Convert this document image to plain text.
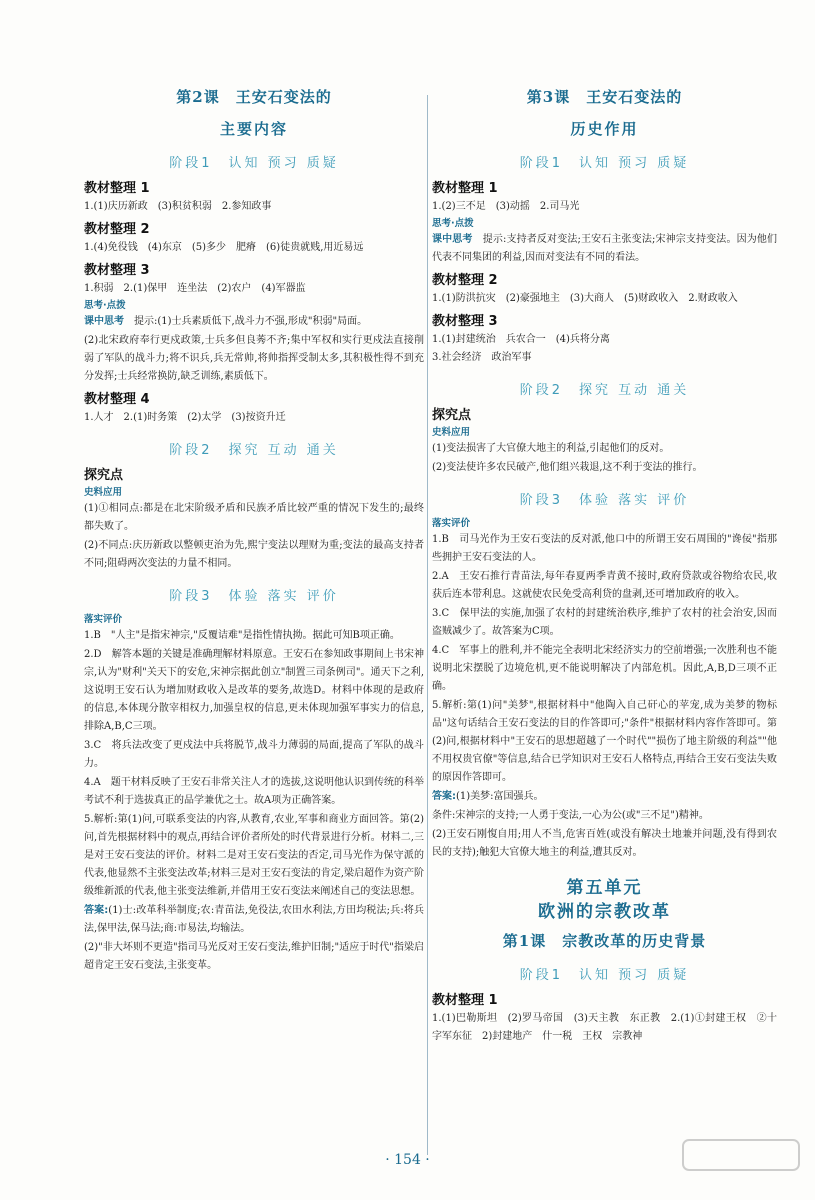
第2课　王安石变法的
主要内容
阶段1　认知 预习 质疑
教材整理 1
1.(1)庆历新政　(3)积贫积弱　2.参知政事
教材整理 2
1.(4)免役钱　(4)东京　(5)多少　肥瘠　(6)徒贵就贱,用近易远
教材整理 3
1.积弱　2.(1)保甲　连坐法　(2)农户　(4)军器监
思考·点拨
课中思考　 提示:(1)士兵素质低下,战斗力不强,形成"积弱"局面。
(2)北宋政府奉行更戍政策,士兵多但良莠不齐;集中军权和实行更戍法直接削弱了军队的战斗力;将不识兵,兵无常帅,将帅指挥受制太多,其积极性得不到充分发挥;士兵经常换防,缺乏训练,素质低下。
教材整理 4
1.人才　2.(1)时务策　(2)太学　(3)按资升迁
阶段2　探究 互动 通关
探究点
史料应用
(1)①相同点:都是在北宋阶级矛盾和民族矛盾比较严重的情况下发生的;最终都失败了。
(2)不同点:庆历新政以整顿吏治为先,熙宁变法以理财为重;变法的最高支持者不同;阻碍两次变法的力量不相同。
阶段3　体验 落实 评价
落实评价
1.B　"人主"是指宋神宗,"反覆诘难"是指性情执拗。据此可知B项正确。
2.D　解答本题的关键是准确理解材料原意。王安石在参知政事期间上书宋神宗,认为"财利"关天下的安危,宋神宗据此创立"制置三司条例司"。通天下之利,这说明王安石认为增加财政收入是改革的要务,故选D。材料中体现的是政府的信息,本体现分散宰相权力,加强皇权的信息,更未体现加强军事实力的信息,排除A,B,C三项。
3.C　将兵法改变了更戍法中兵将脱节,战斗力薄弱的局面,提高了军队的战斗力。
4.A　题干材料反映了王安石非常关注人才的选拔,这说明他认识到传统的科举考试不利于选拔真正的品学兼优之士。故A项为正确答案。
5.解析:第(1)问,可联系变法的内容,从教育,农业,军事和商业方面回答。第(2)问,首先根据材料中的观点,再结合评价者所处的时代背景进行分析。材料二,三是对王安石变法的评价。材料二是对王安石变法的否定,司马光作为保守派的代表,他显然不主张变法改革;材料三是对王安石变法的肯定,梁启超作为资产阶级维新派的代表,他主张变法维新,并借用王安石变法来阐述自己的变法思想。
答案:(1)士:改革科举制度;农:青苗法,免役法,农田水利法,方田均税法;兵:将兵法,保甲法,保马法;商:市易法,均输法。
(2)"非大坏则不更造"指司马光反对王安石变法,维护旧制;"适应于时代"指梁启超肯定王安石变法,主张变革。
第3课　王安石变法的
历史作用
阶段1　认知 预习 质疑
教材整理 1
1.(2)三不足　(3)动摇　2.司马光
思考·点拨
课中思考　 提示:支持者反对变法;王安石主张变法;宋神宗支持变法。因为他们代表不同集团的利益,因而对变法有不同的看法。
教材整理 2
1.(1)防洪抗灾　(2)豪强地主　(3)大商人　(5)财政收入　2.财政收入
教材整理 3
1.(1)封建统治　兵农合一　(4)兵将分离
3.社会经济　政治军事
阶段2　探究 互动 通关
探究点
史料应用
(1)变法损害了大官僚大地主的利益,引起他们的反对。
(2)变法使许多农民破产,他们组兴栽退,这不利于变法的推行。
阶段3　体验 落实 评价
落实评价
1.B　司马光作为王安石变法的反对派,他口中的所谓王安石周围的"谗佞"指那些拥护王安石变法的人。
2.A　王安石推行青苗法,每年春夏两季青黄不接时,政府贷款或谷物给农民,收获后连本带利息。这就使农民免受高利贷的盘剥,还可增加政府的收入。
3.C　保甲法的实施,加强了农村的封建统治秩序,维护了农村的社会治安,因而盗贼减少了。故答案为C项。
4.C　军事上的胜利,并不能完全表明北宋经济实力的空前增强;一次胜利也不能说明北宋摆脱了边境危机,更不能说明解决了内部危机。因此,A,B,D三项不正确。
5.解析:第(1)问"美梦",根据材料中"他陶入自己矸心的苹宠,成为美梦的物标品"这句话结合王安石变法的目的作答即可;"条件"根据材料内容作答即可。第(2)问,根据材料中"王安石的思想超越了一个时代""损伤了地主阶级的利益""他不用权贵官僚"等信息,结合已学知识对王安石人格特点,再结合王安石变法失败的原因作答即可。
答案:(1)美梦:富国强兵。
条件:宋神宗的支持;一人勇于变法,一心为公(或"三不足")精神。
(2)王安石刚愎自用;用人不当,危害百姓(或没有解决土地兼并问题,没有得到农民的支持);触犯大官僚大地主的利益,遭其反对。
第五单元
欧洲的宗教改革
第1课　宗教改革的历史背景
阶段1　认知 预习 质疑
教材整理 1
1.(1)巴勒斯坦　(2)罗马帝国　(3)天主教　东正教　2.(1)①封建王权　②十字军东征　2)封建地产　什一税　王权　宗教神
· 154 ·
